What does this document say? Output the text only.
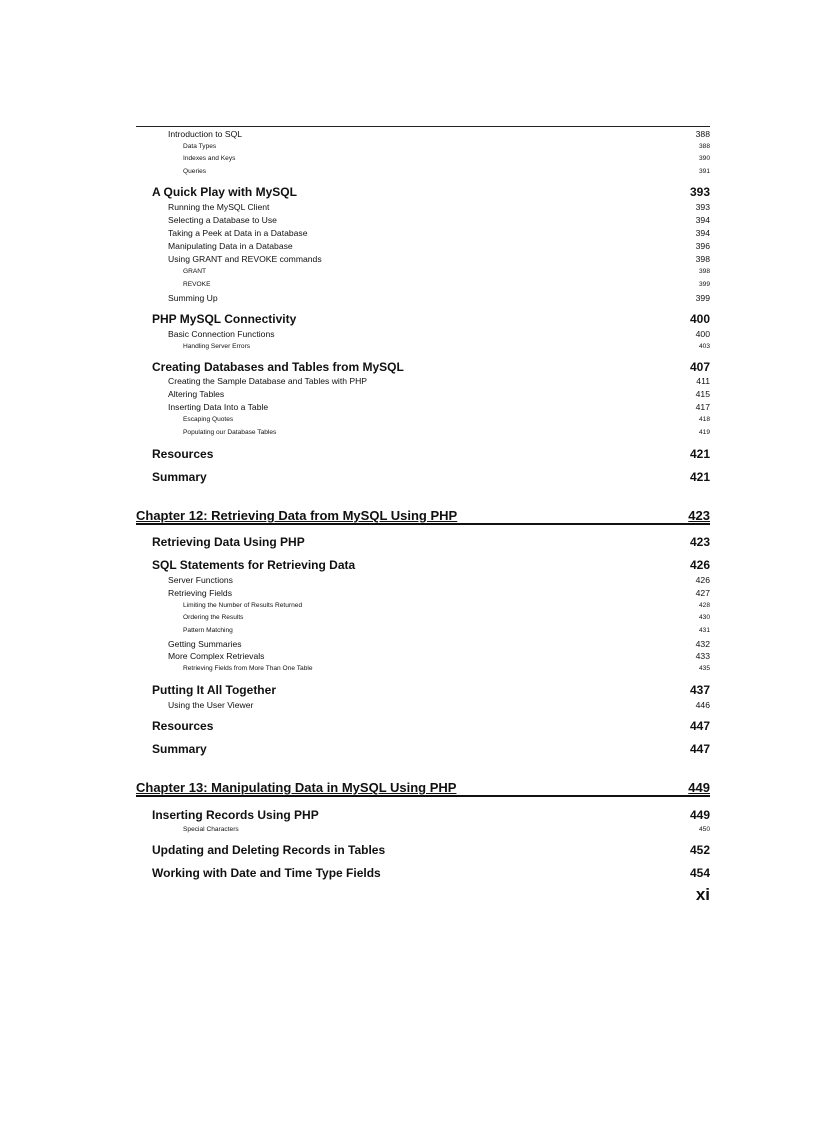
Introduction to SQL	388
Data Types	388
Indexes and Keys	390
Queries	391
A Quick Play with MySQL	393
Running the MySQL Client	393
Selecting a Database to Use	394
Taking a Peek at Data in a Database	394
Manipulating Data in a Database	396
Using GRANT and REVOKE commands	398
GRANT	398
REVOKE	399
Summing Up	399
PHP MySQL Connectivity	400
Basic Connection Functions	400
Handling Server Errors	403
Creating Databases and Tables from MySQL	407
Creating the Sample Database and Tables with PHP	411
Altering Tables	415
Inserting Data Into a Table	417
Escaping Quotes	418
Populating our Database Tables	419
Resources	421
Summary	421
Chapter 12: Retrieving Data from MySQL Using PHP	423
Retrieving Data Using PHP	423
SQL Statements for Retrieving Data	426
Server Functions	426
Retrieving Fields	427
Limiting the Number of Results Returned	428
Ordering the Results	430
Pattern Matching	431
Getting Summaries	432
More Complex Retrievals	433
Retrieving Fields from More Than One Table	435
Putting It All Together	437
Using the User Viewer	446
Resources	447
Summary	447
Chapter 13: Manipulating Data in MySQL Using PHP	449
Inserting Records Using PHP	449
Special Characters	450
Updating and Deleting Records in Tables	452
Working with Date and Time Type Fields	454
xi
